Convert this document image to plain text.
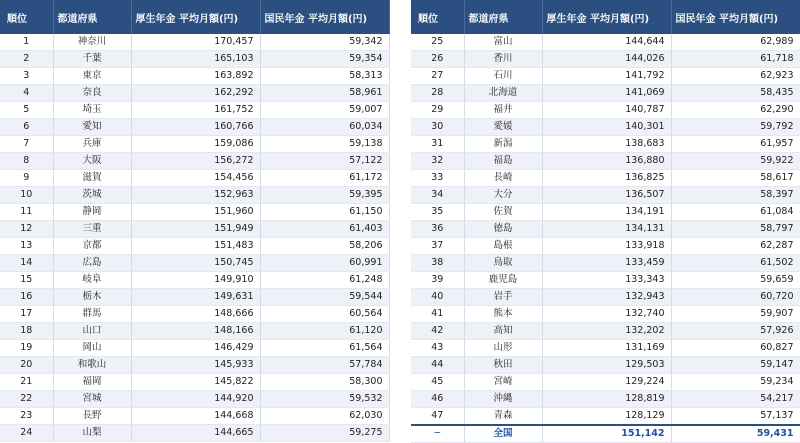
順位	都道府県	厚生年金 平均月額(円)	国民年金 平均月額(円)
1	神奈川	170,457	59,342
2	千葉	165,103	59,354
3	東京	163,892	58,313
4	奈良	162,292	58,961
5	埼玉	161,752	59,007
6	愛知	160,766	60,034
7	兵庫	159,086	59,138
8	大阪	156,272	57,122
9	滋賀	154,456	61,172
10	茨城	152,963	59,395
11	静岡	151,960	61,150
12	三重	151,949	61,403
13	京都	151,483	58,206
14	広島	150,745	60,991
15	岐阜	149,910	61,248
16	栃木	149,631	59,544
17	群馬	148,666	60,564
18	山口	148,166	61,120
19	岡山	146,429	61,564
20	和歌山	145,933	57,784
21	福岡	145,822	58,300
22	宮城	144,920	59,532
23	長野	144,668	62,030
24	山梨	144,665	59,275
順位	都道府県	厚生年金 平均月額(円)	国民年金 平均月額(円)
25	富山	144,644	62,989
26	香川	144,026	61,718
27	石川	141,792	62,923
28	北海道	141,069	58,435
29	福井	140,787	62,290
30	愛媛	140,301	59,792
31	新潟	138,683	61,957
32	福島	136,880	59,922
33	長崎	136,825	58,617
34	大分	136,507	58,397
35	佐賀	134,191	61,084
36	徳島	134,131	58,797
37	島根	133,918	62,287
38	鳥取	133,459	61,502
39	鹿児島	133,343	59,659
40	岩手	132,943	60,720
41	熊本	132,740	59,907
42	高知	132,202	57,926
43	山形	131,169	60,827
44	秋田	129,503	59,147
45	宮崎	129,224	59,234
46	沖縄	128,819	54,217
47	青森	128,129	57,137
─	全国	151,142	59,431
